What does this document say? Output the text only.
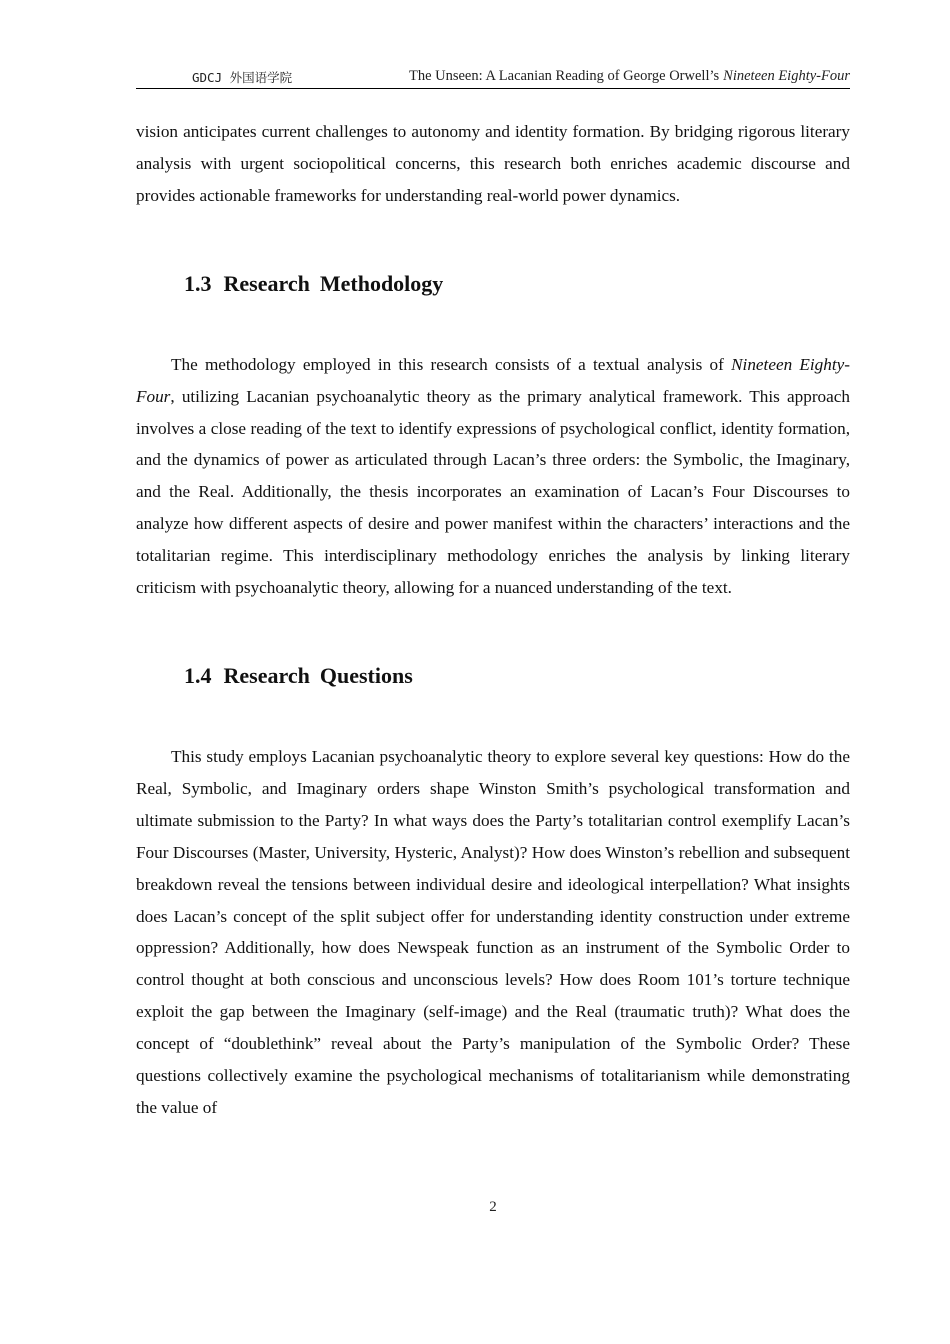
GDCJ 外国语学院	The Unseen: A Lacanian Reading of George Orwell’s Nineteen Eighty-Four

vision anticipates current challenges to autonomy and identity formation. By bridging rigorous literary analysis with urgent sociopolitical concerns, this research both enriches academic discourse and provides actionable frameworks for understanding real-world power dynamics.

1.3 Research Methodology

The methodology employed in this research consists of a textual analysis of Nineteen Eighty-Four, utilizing Lacanian psychoanalytic theory as the primary analytical framework. This approach involves a close reading of the text to identify expressions of psychological conflict, identity formation, and the dynamics of power as articulated through Lacan’s three orders: the Symbolic, the Imaginary, and the Real. Additionally, the thesis incorporates an examination of Lacan’s Four Discourses to analyze how different aspects of desire and power manifest within the characters’ interactions and the totalitarian regime. This interdisciplinary methodology enriches the analysis by linking literary criticism with psychoanalytic theory, allowing for a nuanced understanding of the text.

1.4 Research Questions

This study employs Lacanian psychoanalytic theory to explore several key questions: How do the Real, Symbolic, and Imaginary orders shape Winston Smith’s psychological transformation and ultimate submission to the Party? In what ways does the Party’s totalitarian control exemplify Lacan’s Four Discourses (Master, University, Hysteric, Analyst)? How does Winston’s rebellion and subsequent breakdown reveal the tensions between individual desire and ideological interpellation? What insights does Lacan’s concept of the split subject offer for understanding identity construction under extreme oppression? Additionally, how does Newspeak function as an instrument of the Symbolic Order to control thought at both conscious and unconscious levels? How does Room 101’s torture technique exploit the gap between the Imaginary (self-image) and the Real (traumatic truth)? What does the concept of “doublethink” reveal about the Party’s manipulation of the Symbolic Order? These questions collectively examine the psychological mechanisms of totalitarianism while demonstrating the value of

2
